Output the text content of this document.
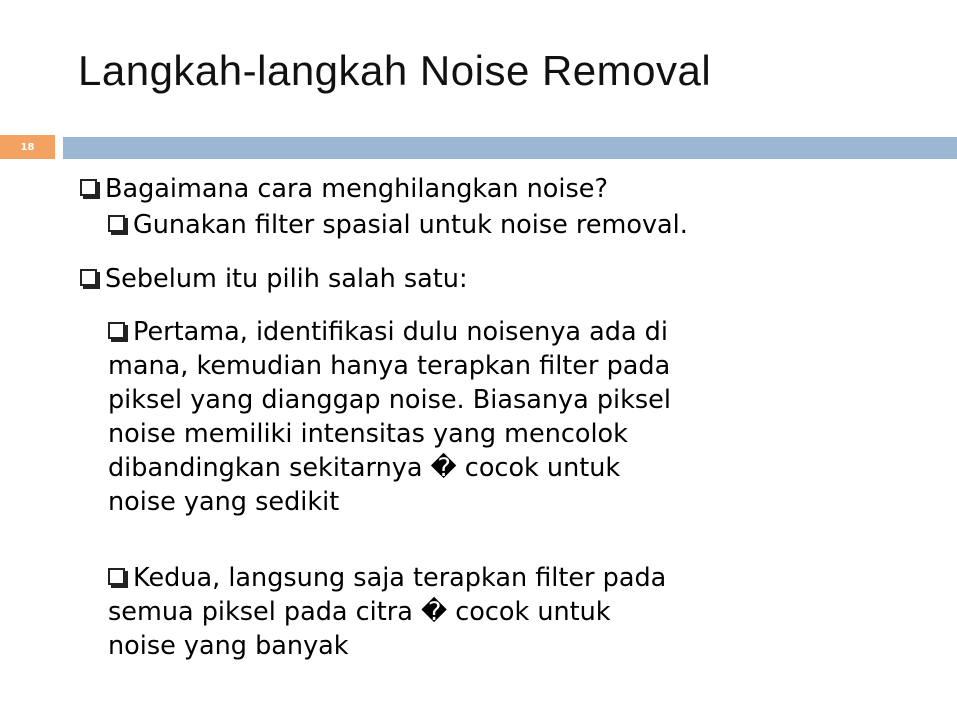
Langkah-langkah Noise Removal
18
Bagaimana cara menghilangkan noise?
Gunakan filter spasial untuk noise removal.
Sebelum itu pilih salah satu:
Pertama, identifikasi dulu noisenya ada di
mana, kemudian hanya terapkan filter pada
piksel yang dianggap noise. Biasanya piksel
noise memiliki intensitas yang mencolok
dibandingkan sekitarnya � cocok untuk
noise yang sedikit
Kedua, langsung saja terapkan filter pada
semua piksel pada citra � cocok untuk
noise yang banyak
